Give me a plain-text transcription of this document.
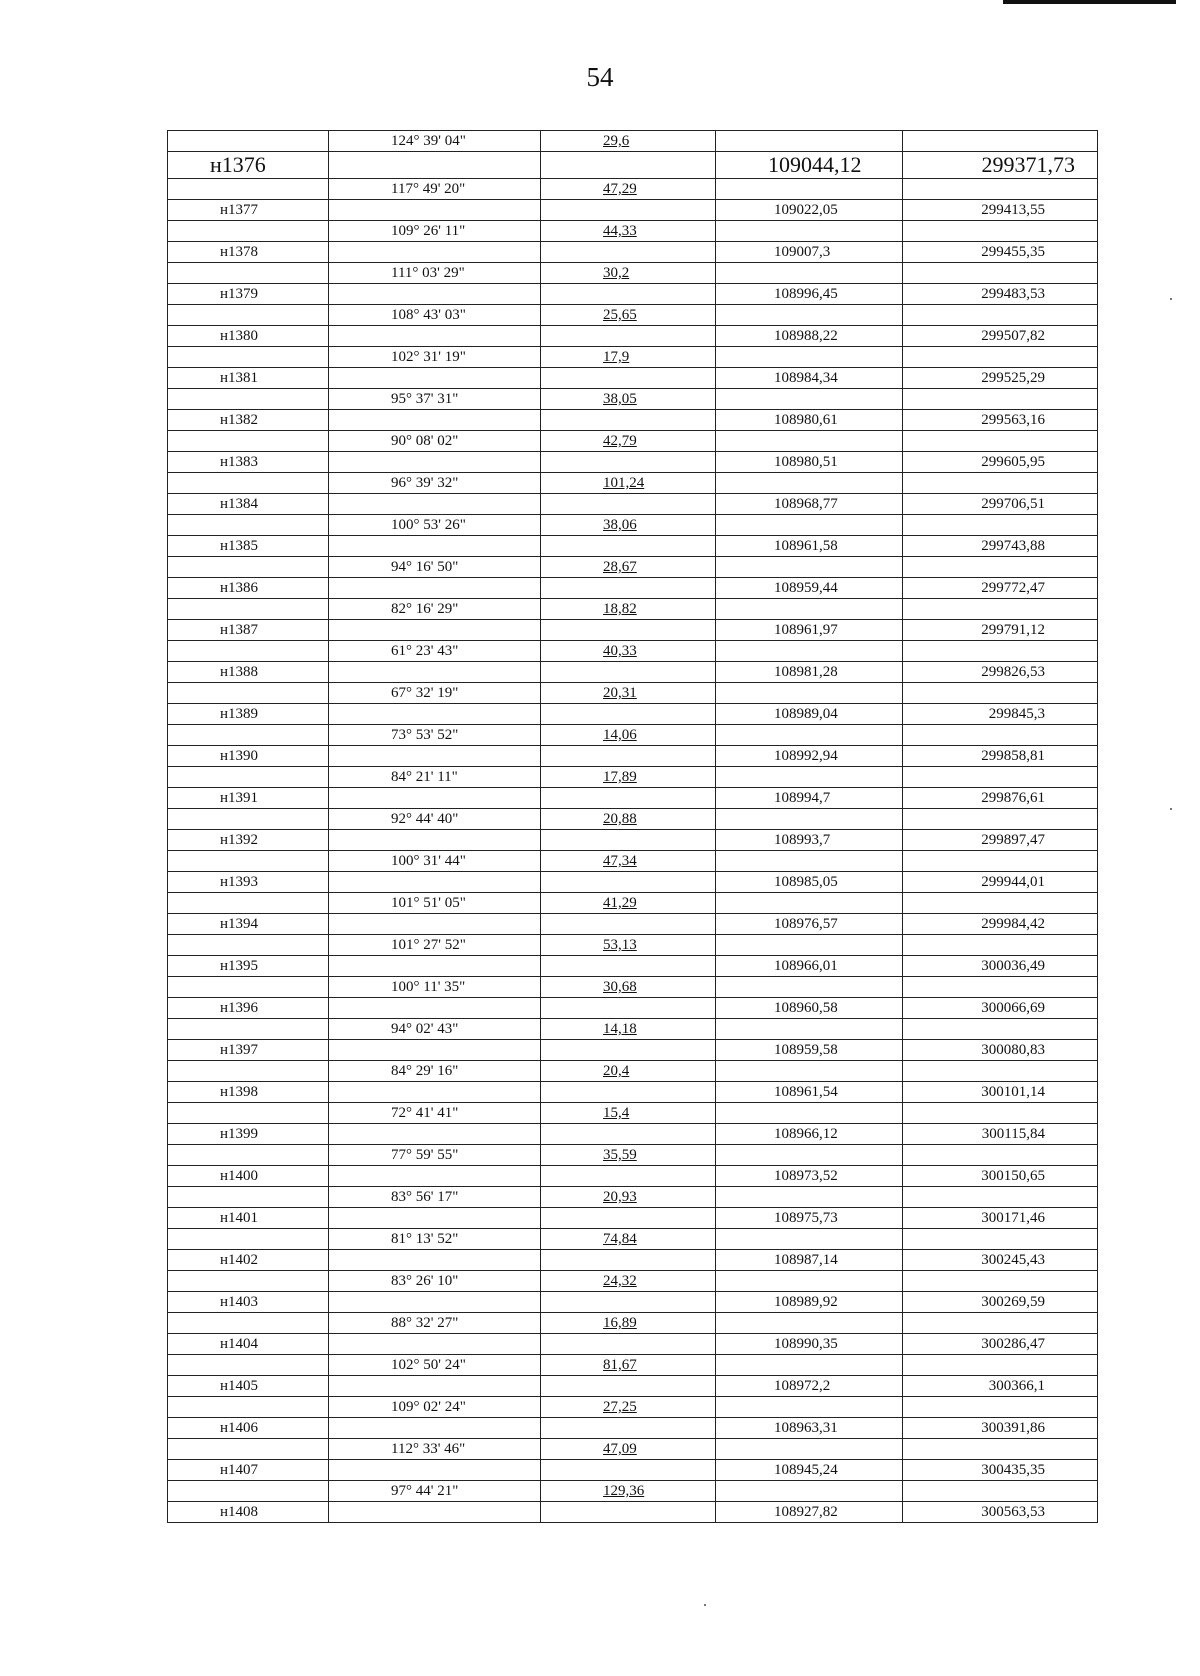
54
	124° 39' 04"	29,6		
н1376			109044,12	299371,73
	117° 49' 20"	47,29		
н1377			109022,05	299413,55
	109° 26' 11"	44,33		
н1378			109007,3	299455,35
	111° 03' 29"	30,2		
н1379			108996,45	299483,53
	108° 43' 03"	25,65		
н1380			108988,22	299507,82
	102° 31' 19"	17,9		
н1381			108984,34	299525,29
	95° 37' 31"	38,05		
н1382			108980,61	299563,16
	90° 08' 02"	42,79		
н1383			108980,51	299605,95
	96° 39' 32"	101,24		
н1384			108968,77	299706,51
	100° 53' 26"	38,06		
н1385			108961,58	299743,88
	94° 16' 50"	28,67		
н1386			108959,44	299772,47
	82° 16' 29"	18,82		
н1387			108961,97	299791,12
	61° 23' 43"	40,33		
н1388			108981,28	299826,53
	67° 32' 19"	20,31		
н1389			108989,04	299845,3
	73° 53' 52"	14,06		
н1390			108992,94	299858,81
	84° 21' 11"	17,89		
н1391			108994,7	299876,61
	92° 44' 40"	20,88		
н1392			108993,7	299897,47
	100° 31' 44"	47,34		
н1393			108985,05	299944,01
	101° 51' 05"	41,29		
н1394			108976,57	299984,42
	101° 27' 52"	53,13		
н1395			108966,01	300036,49
	100° 11' 35"	30,68		
н1396			108960,58	300066,69
	94° 02' 43"	14,18		
н1397			108959,58	300080,83
	84° 29' 16"	20,4		
н1398			108961,54	300101,14
	72° 41' 41"	15,4		
н1399			108966,12	300115,84
	77° 59' 55"	35,59		
н1400			108973,52	300150,65
	83° 56' 17"	20,93		
н1401			108975,73	300171,46
	81° 13' 52"	74,84		
н1402			108987,14	300245,43
	83° 26' 10"	24,32		
н1403			108989,92	300269,59
	88° 32' 27"	16,89		
н1404			108990,35	300286,47
	102° 50' 24"	81,67		
н1405			108972,2	300366,1
	109° 02' 24"	27,25		
н1406			108963,31	300391,86
	112° 33' 46"	47,09		
н1407			108945,24	300435,35
	97° 44' 21"	129,36		
н1408			108927,82	300563,53
